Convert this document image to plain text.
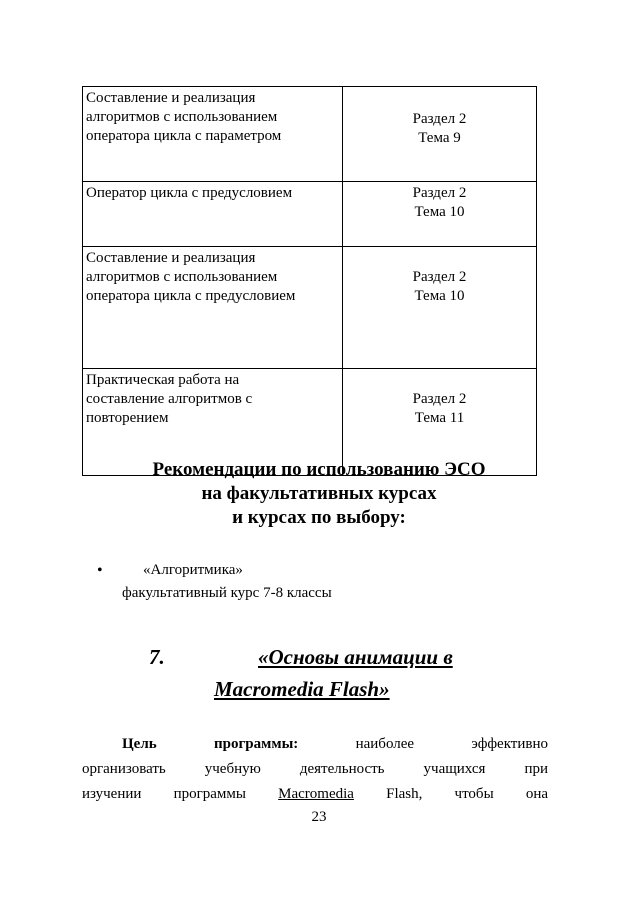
Составление и реализация
алгоритмов с использованием
оператора цикла с параметром	Раздел 2
Тема 9

Оператор цикла с предусловием	Раздел 2
Тема 10

Составление и реализация
алгоритмов с использованием
оператора цикла с предусловием	Раздел 2
Тема 10

Практическая работа на
составление алгоритмов с
повторением	Раздел 2
Тема 11
Рекомендации по использованию ЭСО
на факультативных курсах
и курсах по выбору:
•	«Алгоритмика»
факультативный курс 7-8 классы
7.	«Основы анимации в
Macromedia Flash»
Цель	программы:	наиболее	эффективно
организовать	учебную	деятельность	учащихся	при
изучении программы Macromedia Flash, чтобы она
23
